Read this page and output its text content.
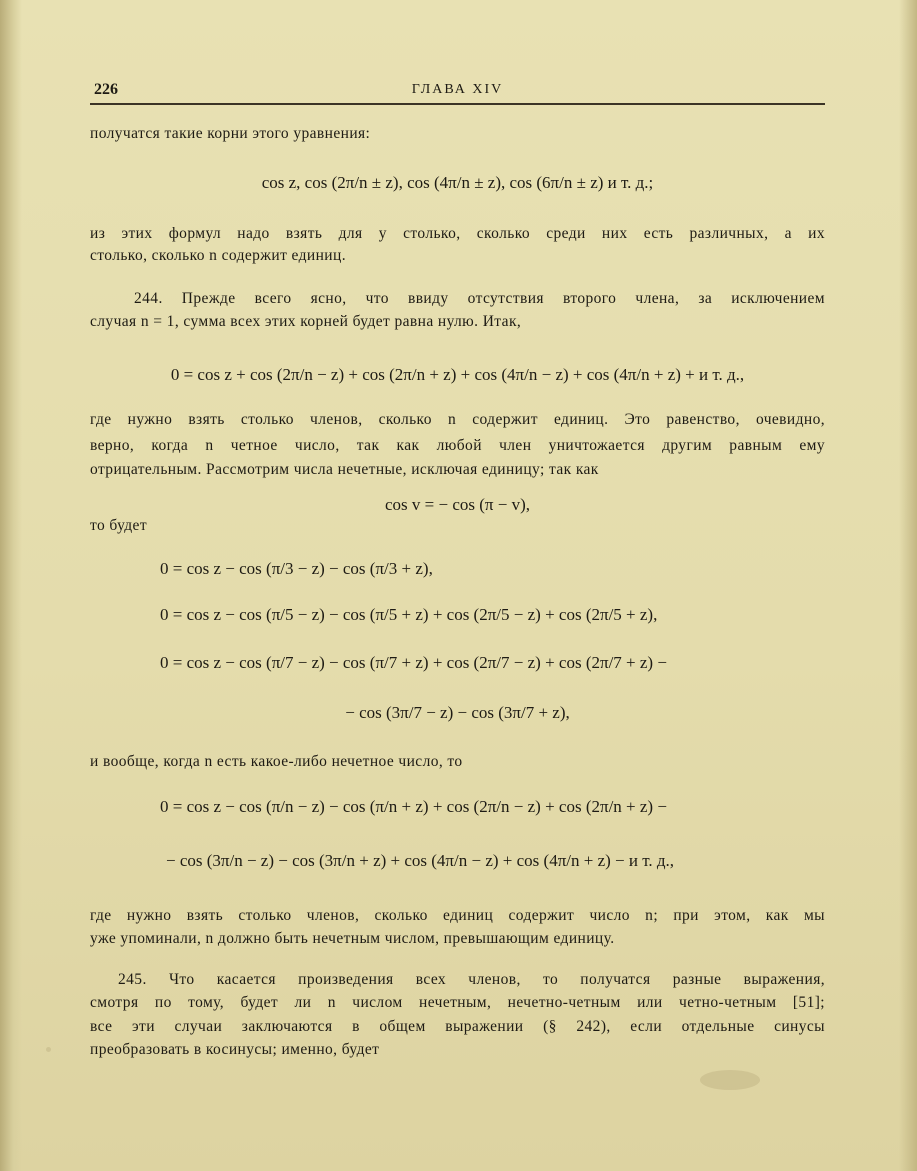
226	ГЛАВА XIV
получатся такие корни этого уравнения:
cos z, cos (2π/n ± z), cos (4π/n ± z), cos (6π/n ± z) и т. д.;
из этих формул надо взять для y столько, сколько среди них есть различных, а их
столько, сколько n содержит единиц.
244. Прежде всего ясно, что ввиду отсутствия второго члена, за исключением
случая n = 1, сумма всех этих корней будет равна нулю. Итак,
0 = cos z + cos (2π/n − z) + cos (2π/n + z) + cos (4π/n − z) + cos (4π/n + z) + и т. д.,
где нужно взять столько членов, сколько n содержит единиц. Это равенство, очевидно,
верно, когда n четное число, так как любой член уничтожается другим равным ему
отрицательным. Рассмотрим числа нечетные, исключая единицу; так как
cos v = − cos (π − v),
то будет
0 = cos z − cos (π/3 − z) − cos (π/3 + z),
0 = cos z − cos (π/5 − z) − cos (π/5 + z) + cos (2π/5 − z) + cos (2π/5 + z),
0 = cos z − cos (π/7 − z) − cos (π/7 + z) + cos (2π/7 − z) + cos (2π/7 + z) −
− cos (3π/7 − z) − cos (3π/7 + z),
и вообще, когда n есть какое-либо нечетное число, то
0 = cos z − cos (π/n − z) − cos (π/n + z) + cos (2π/n − z) + cos (2π/n + z) −
− cos (3π/n − z) − cos (3π/n + z) + cos (4π/n − z) + cos (4π/n + z) − и т. д.,
где нужно взять столько членов, сколько единиц содержит число n; при этом, как мы
уже упоминали, n должно быть нечетным числом, превышающим единицу.
245. Что касается произведения всех членов, то получатся разные выражения,
смотря по тому, будет ли n числом нечетным, нечетно-четным или четно-четным [51];
все эти случаи заключаются в общем выражении (§ 242), если отдельные синусы
преобразовать в косинусы; именно, будет
